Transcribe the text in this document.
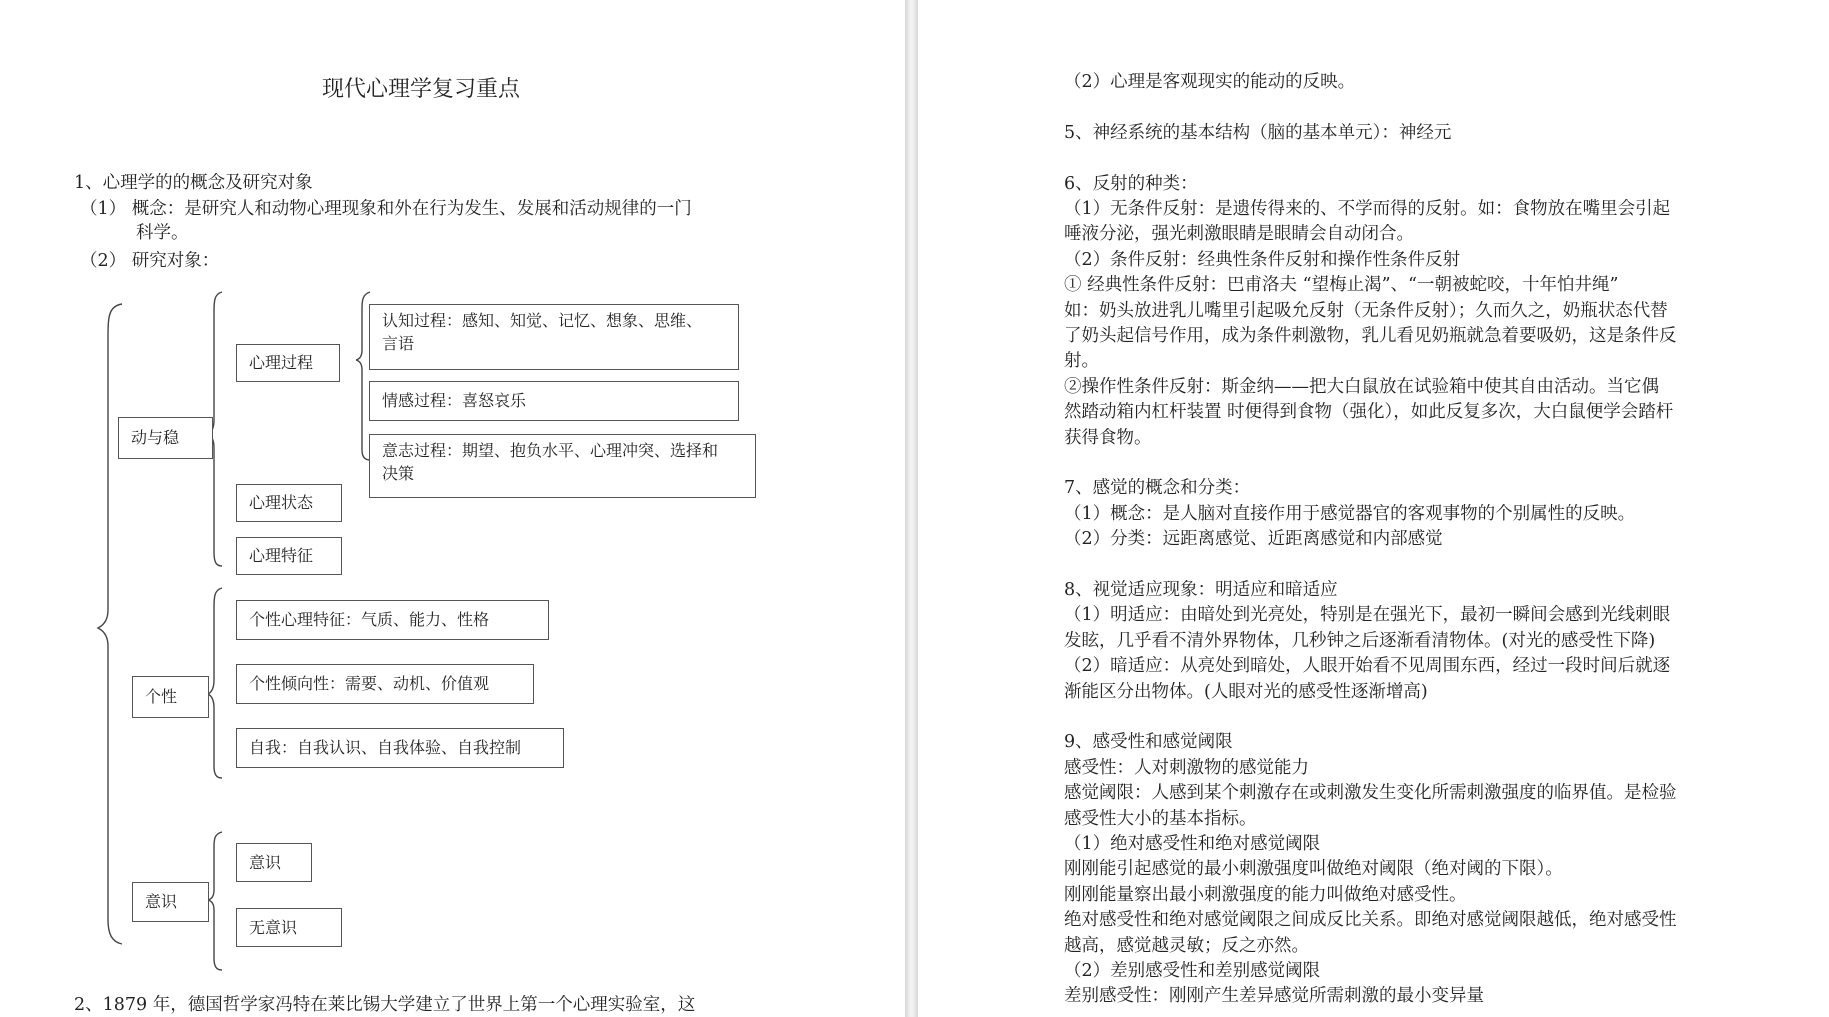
现代心理学复习重点
1、心理学的的概念及研究对象
（1） 概念：是研究人和动物心理现象和外在行为发生、发展和活动规律的一门
科学。
（2） 研究对象：
动与稳
心理过程
认知过程：感知、知觉、记忆、想象、思维、
言语
情感过程：喜怒哀乐
意志过程：期望、抱负水平、心理冲突、选择和
决策
心理状态
心理特征
个性
个性心理特征：气质、能力、性格
个性倾向性：需要、动机、价值观
自我：自我认识、自我体验、自我控制
意识
意识
无意识
2、1879 年，德国哲学家冯特在莱比锡大学建立了世界上第一个心理实验室，这
（2）心理是客观现实的能动的反映。
5、神经系统的基本结构（脑的基本单元）：神经元
6、反射的种类：
（1）无条件反射：是遗传得来的、不学而得的反射。如：食物放在嘴里会引起
唾液分泌，强光刺激眼睛是眼睛会自动闭合。
（2）条件反射：经典性条件反射和操作性条件反射
① 经典性条件反射：巴甫洛夫 “望梅止渴”、“一朝被蛇咬，十年怕井绳”
如：奶头放进乳儿嘴里引起吸允反射（无条件反射）；久而久之，奶瓶状态代替
了奶头起信号作用，成为条件刺激物，乳儿看见奶瓶就急着要吸奶，这是条件反
射。
②操作性条件反射：斯金纳——把大白鼠放在试验箱中使其自由活动。当它偶
然踏动箱内杠杆装置 时便得到食物（强化），如此反复多次，大白鼠便学会踏杆
获得食物。
7、感觉的概念和分类：
（1）概念：是人脑对直接作用于感觉器官的客观事物的个别属性的反映。
（2）分类：远距离感觉、近距离感觉和内部感觉
8、视觉适应现象：明适应和暗适应
（1）明适应：由暗处到光亮处，特别是在强光下，最初一瞬间会感到光线刺眼
发眩，几乎看不清外界物体，几秒钟之后逐渐看清物体。(对光的感受性下降)
（2）暗适应：从亮处到暗处，人眼开始看不见周围东西，经过一段时间后就逐
渐能区分出物体。(人眼对光的感受性逐渐增高)
9、感受性和感觉阈限
感受性：人对刺激物的感觉能力
感觉阈限：人感到某个刺激存在或刺激发生变化所需刺激强度的临界值。是检验
感受性大小的基本指标。
（1）绝对感受性和绝对感觉阈限
刚刚能引起感觉的最小刺激强度叫做绝对阈限（绝对阈的下限）。
刚刚能量察出最小刺激强度的能力叫做绝对感受性。
绝对感受性和绝对感觉阈限之间成反比关系。即绝对感觉阈限越低，绝对感受性
越高，感觉越灵敏；反之亦然。
（2）差别感受性和差别感觉阈限
差别感受性：刚刚产生差异感觉所需刺激的最小变异量
